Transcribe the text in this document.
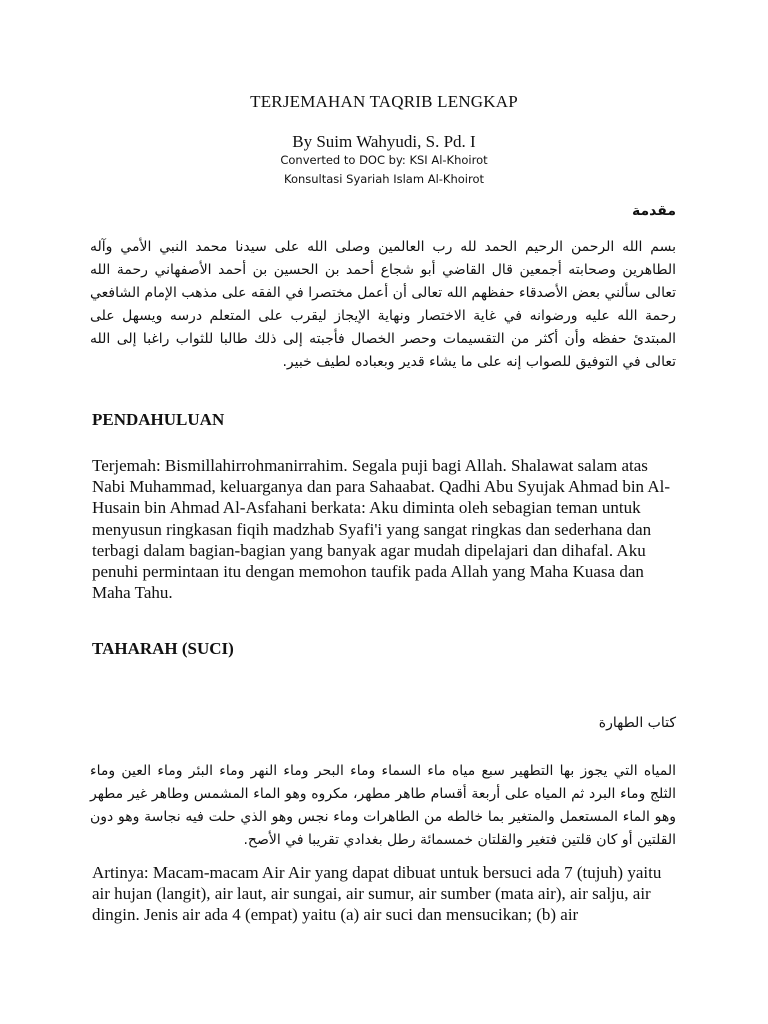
TERJEMAHAN TAQRIB LENGKAP
By Suim Wahyudi, S. Pd. I
Converted to DOC by: KSI Al-Khoirot
Konsultasi Syariah Islam Al-Khoirot
مقدمة
بسم الله الرحمن الرحيم الحمد لله رب العالمين وصلى الله على سيدنا محمد النبي الأمي وآله الطاهرين وصحابته أجمعين قال القاضي أبو شجاع أحمد بن الحسين بن أحمد الأصفهاني رحمة الله تعالى سألني بعض الأصدقاء حفظهم الله تعالى أن أعمل مختصرا في الفقه على مذهب الإمام الشافعي رحمة الله عليه ورضوانه في غاية الاختصار ونهاية الإيجاز ليقرب على المتعلم درسه ويسهل على المبتدئ حفظه وأن أكثر من التقسيمات وحصر الخصال فأجبته إلى ذلك طالبا للثواب راغبا إلى الله تعالى في التوفيق للصواب إنه على ما يشاء قدير وبعباده لطيف خبير.
PENDAHULUAN
Terjemah: Bismillahirrohmanirrahim. Segala puji bagi Allah. Shalawat salam atas Nabi Muhammad, keluarganya dan para Sahaabat. Qadhi Abu Syujak Ahmad bin Al-Husain bin Ahmad Al-Asfahani berkata: Aku diminta oleh sebagian teman untuk menyusun ringkasan fiqih madzhab Syafi'i yang sangat ringkas dan sederhana dan terbagi dalam bagian-bagian yang banyak agar mudah dipelajari dan dihafal. Aku penuhi permintaan itu dengan memohon taufik pada Allah yang Maha Kuasa dan Maha Tahu.
TAHARAH (SUCI)
كتاب الطهارة
المياه التي يجوز بها التطهير سبع مياه ماء السماء وماء البحر وماء النهر وماء البئر وماء العين وماء الثلج وماء البرد ثم المياه على أربعة أقسام طاهر مطهر، مكروه وهو الماء المشمس وطاهر غير مطهر وهو الماء المستعمل والمتغير بما خالطه من الطاهرات وماء نجس وهو الذي حلت فيه نجاسة وهو دون القلتين أو كان قلتين فتغير والقلتان خمسمائة رطل بغدادي تقريبا في الأصح.
Artinya: Macam-macam Air Air yang dapat dibuat untuk bersuci ada 7 (tujuh) yaitu air hujan (langit), air laut, air sungai, air sumur, air sumber (mata air), air salju, air dingin. Jenis air ada 4 (empat) yaitu (a) air suci dan mensucikan; (b) air
